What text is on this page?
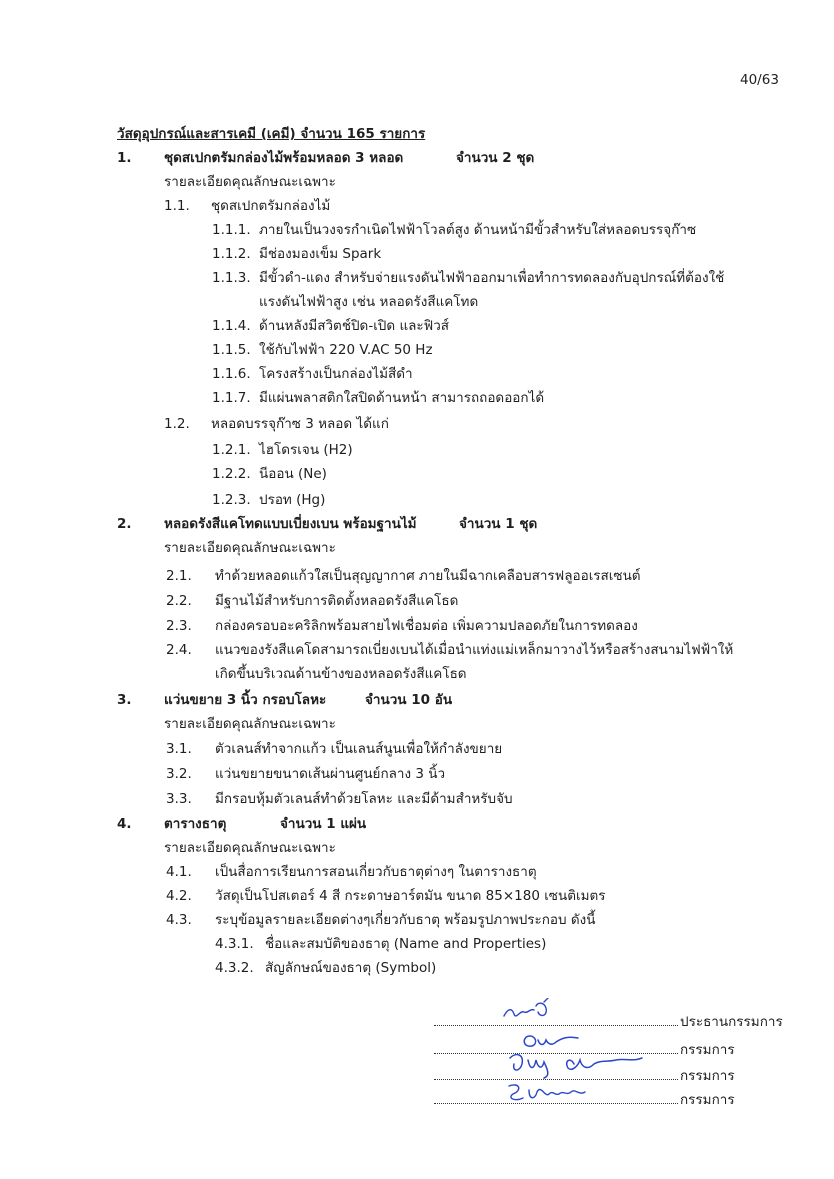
40/63
วัสดุอุปกรณ์และสารเคมี (เคมี) จำนวน 165 รายการ
1. ชุดสเปกตรัมกล่องไม้พร้อมหลอด 3 หลอด	จำนวน 2 ชุด
รายละเอียดคุณลักษณะเฉพาะ
1.1. ชุดสเปกตรัมกล่องไม้
1.1.1. ภายในเป็นวงจรกำเนิดไฟฟ้าโวลต์สูง ด้านหน้ามีขั้วสำหรับใส่หลอดบรรจุก๊าซ
1.1.2. มีช่องมองเข็ม Spark
1.1.3. มีขั้วดำ-แดง สำหรับจ่ายแรงดันไฟฟ้าออกมาเพื่อทำการทดลองกับอุปกรณ์ที่ต้องใช้
แรงดันไฟฟ้าสูง เช่น หลอดรังสีแคโทด
1.1.4. ด้านหลังมีสวิตช์ปิด-เปิด และฟิวส์
1.1.5. ใช้กับไฟฟ้า 220 V.AC 50 Hz
1.1.6. โครงสร้างเป็นกล่องไม้สีดำ
1.1.7. มีแผ่นพลาสติกใสปิดด้านหน้า สามารถถอดออกได้
1.2. หลอดบรรจุก๊าซ 3 หลอด ได้แก่
1.2.1. ไฮโดรเจน (H2)
1.2.2. นีออน (Ne)
1.2.3. ปรอท (Hg)
2. หลอดรังสีแคโทดแบบเบี่ยงเบน พร้อมฐานไม้	จำนวน 1 ชุด
รายละเอียดคุณลักษณะเฉพาะ
2.1. ทำด้วยหลอดแก้วใสเป็นสุญญากาศ ภายในมีฉากเคลือบสารฟลูออเรสเซนต์
2.2. มีฐานไม้สำหรับการติดตั้งหลอดรังสีแคโธด
2.3. กล่องครอบอะคริลิกพร้อมสายไฟเชื่อมต่อ เพิ่มความปลอดภัยในการทดลอง
2.4. แนวของรังสีแคโดสามารถเบี่ยงเบนได้เมื่อนำแท่งแม่เหล็กมาวางไว้หรือสร้างสนามไฟฟ้าให้
เกิดขึ้นบริเวณด้านข้างของหลอดรังสีแคโธด
3. แว่นขยาย 3 นิ้ว กรอบโลหะ	จำนวน 10 อัน
รายละเอียดคุณลักษณะเฉพาะ
3.1. ตัวเลนส์ทำจากแก้ว เป็นเลนส์นูนเพื่อให้กำลังขยาย
3.2. แว่นขยายขนาดเส้นผ่านศูนย์กลาง 3 นิ้ว
3.3. มีกรอบหุ้มตัวเลนส์ทำด้วยโลหะ และมีด้ามสำหรับจับ
4. ตารางธาตุ	จำนวน 1 แผ่น
รายละเอียดคุณลักษณะเฉพาะ
4.1. เป็นสื่อการเรียนการสอนเกี่ยวกับธาตุต่างๆ ในตารางธาตุ
4.2. วัสดุเป็นโปสเตอร์ 4 สี กระดาษอาร์ตมัน ขนาด 85×180 เซนติเมตร
4.3. ระบุข้อมูลรายละเอียดต่างๆเกี่ยวกับธาตุ พร้อมรูปภาพประกอบ ดังนี้
4.3.1. ชื่อและสมบัติของธาตุ (Name and Properties)
4.3.2. สัญลักษณ์ของธาตุ (Symbol)
ประธานกรรมการ
กรรมการ
กรรมการ
กรรมการ
